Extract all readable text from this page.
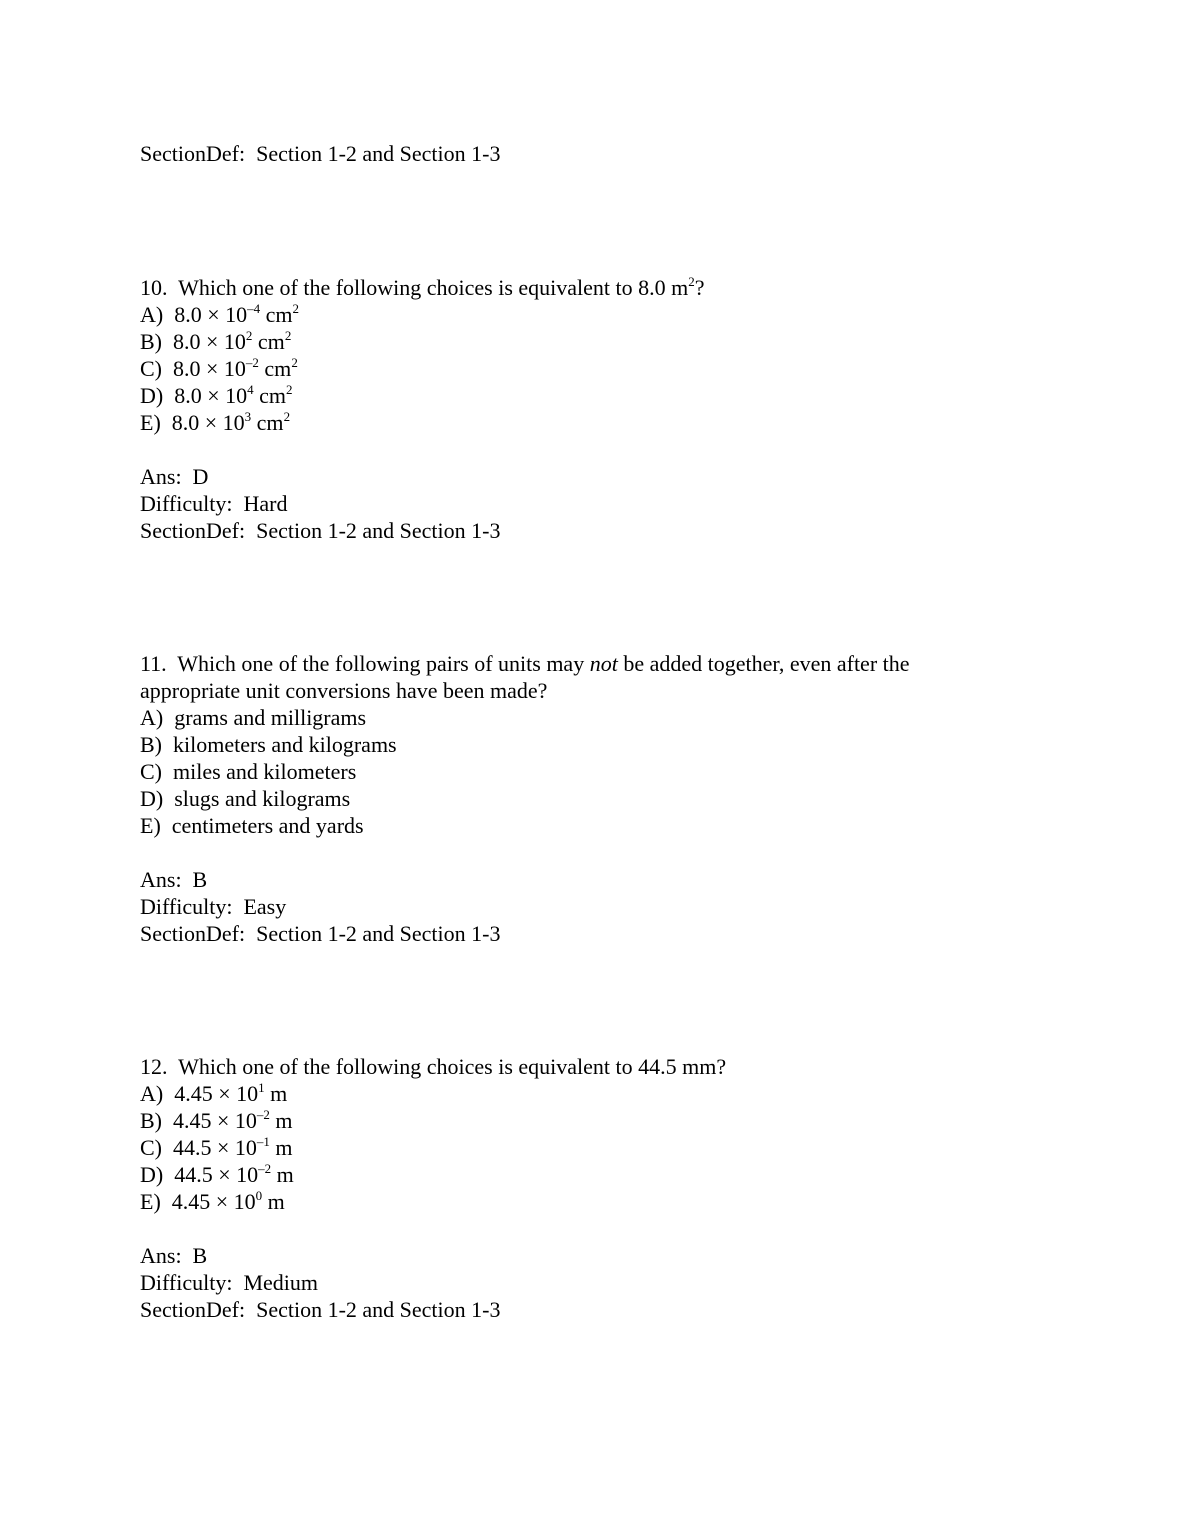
SectionDef:  Section 1-2 and Section 1-3
10.  Which one of the following choices is equivalent to 8.0 $m^2$?
A)  $8.0 \times 10^{-4}$ $cm^2$
B)  $8.0 \times 10^2$ $cm^2$
C)  $8.0 \times 10^{-2}$ $cm^2$
D)  $8.0 \times 10^4$ $cm^2$
E)  $8.0 \times 10^3$ $cm^2$
Ans:  D
Difficulty:  Hard
SectionDef:  Section 1-2 and Section 1-3
11.  Which one of the following pairs of units may not be added together, even after the
appropriate unit conversions have been made?
A)  grams and milligrams
B)  kilometers and kilograms
C)  miles and kilometers
D)  slugs and kilograms
E)  centimeters and yards
Ans:  B
Difficulty:  Easy
SectionDef:  Section 1-2 and Section 1-3
12.  Which one of the following choices is equivalent to 44.5 mm?
A)  $4.45 \times 10^1$ m
B)  $4.45 \times 10^{-2}$ m
C)  $44.5 \times 10^{-1}$ m
D)  $44.5 \times 10^{-2}$ m
E)  $4.45 \times 10^0$ m
Ans:  B
Difficulty:  Medium
SectionDef:  Section 1-2 and Section 1-3
